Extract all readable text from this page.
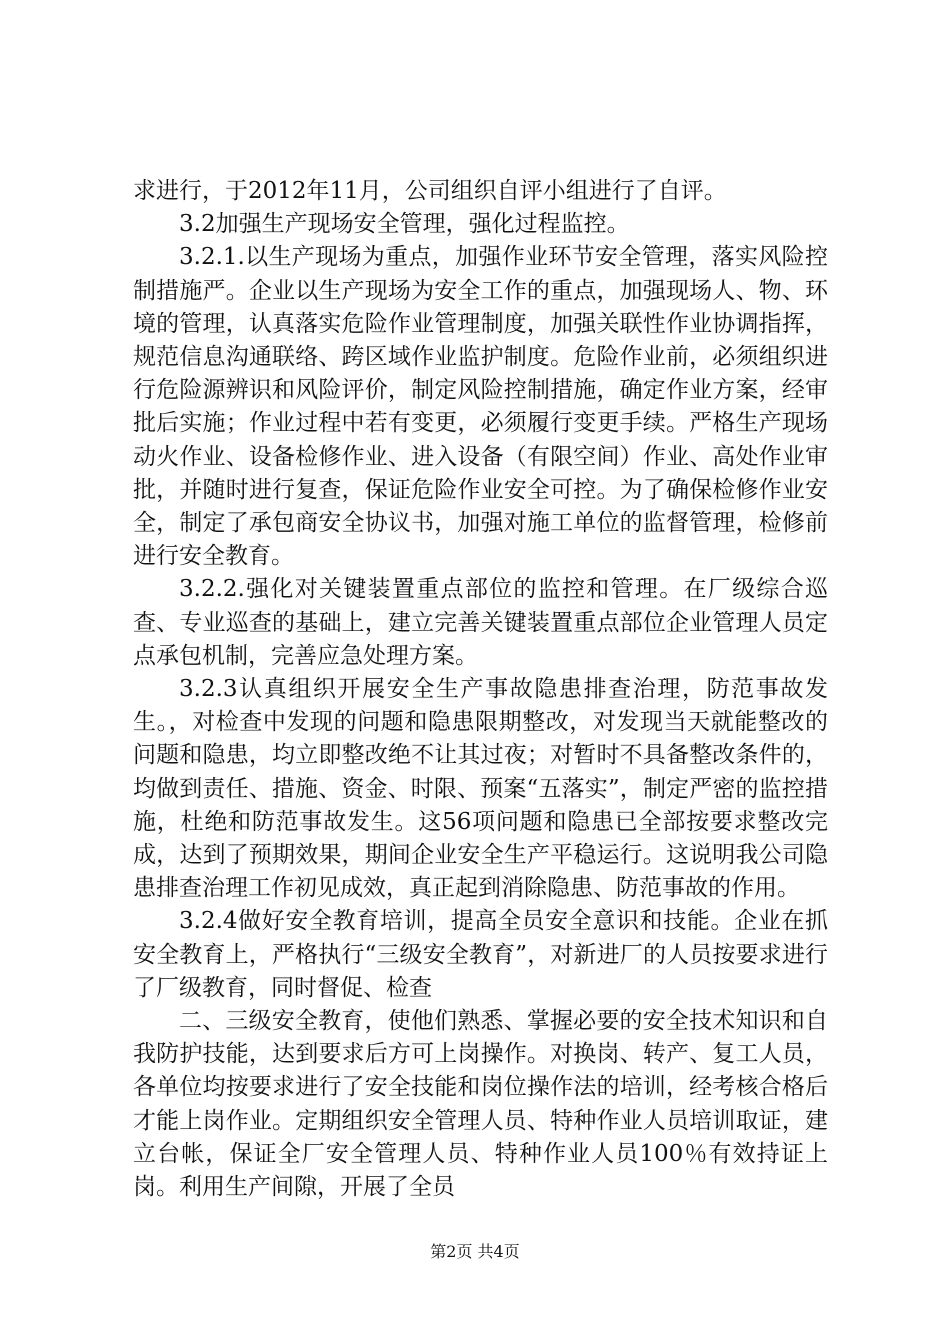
求进行，于2012年11月，公司组织自评小组进行了自评。

3.2加强生产现场安全管理，强化过程监控。

3.2.1.以生产现场为重点，加强作业环节安全管理，落实风险控制措施严。企业以生产现场为安全工作的重点，加强现场人、物、环境的管理，认真落实危险作业管理制度，加强关联性作业协调指挥，规范信息沟通联络、跨区域作业监护制度。危险作业前，必须组织进行危险源辨识和风险评价，制定风险控制措施，确定作业方案，经审批后实施；作业过程中若有变更，必须履行变更手续。严格生产现场动火作业、设备检修作业、进入设备（有限空间）作业、高处作业审批，并随时进行复查，保证危险作业安全可控。为了确保检修作业安全，制定了承包商安全协议书，加强对施工单位的监督管理，检修前进行安全教育。

3.2.2.强化对关键装置重点部位的监控和管理。在厂级综合巡查、专业巡查的基础上，建立完善关键装置重点部位企业管理人员定点承包机制，完善应急处理方案。

3.2.3认真组织开展安全生产事故隐患排查治理，防范事故发生。，对检查中发现的问题和隐患限期整改，对发现当天就能整改的问题和隐患，均立即整改绝不让其过夜；对暂时不具备整改条件的，均做到责任、措施、资金、时限、预案“五落实”，制定严密的监控措施，杜绝和防范事故发生。这56项问题和隐患已全部按要求整改完成，达到了预期效果，期间企业安全生产平稳运行。这说明我公司隐患排查治理工作初见成效，真正起到消除隐患、防范事故的作用。

3.2.4做好安全教育培训，提高全员安全意识和技能。企业在抓安全教育上，严格执行“三级安全教育”，对新进厂的人员按要求进行了厂级教育，同时督促、检查

二、三级安全教育，使他们熟悉、掌握必要的安全技术知识和自我防护技能，达到要求后方可上岗操作。对换岗、转产、复工人员，各单位均按要求进行了安全技能和岗位操作法的培训，经考核合格后才能上岗作业。定期组织安全管理人员、特种作业人员培训取证，建立台帐，保证全厂安全管理人员、特种作业人员100％有效持证上岗。利用生产间隙，开展了全员

第2页 共4页
